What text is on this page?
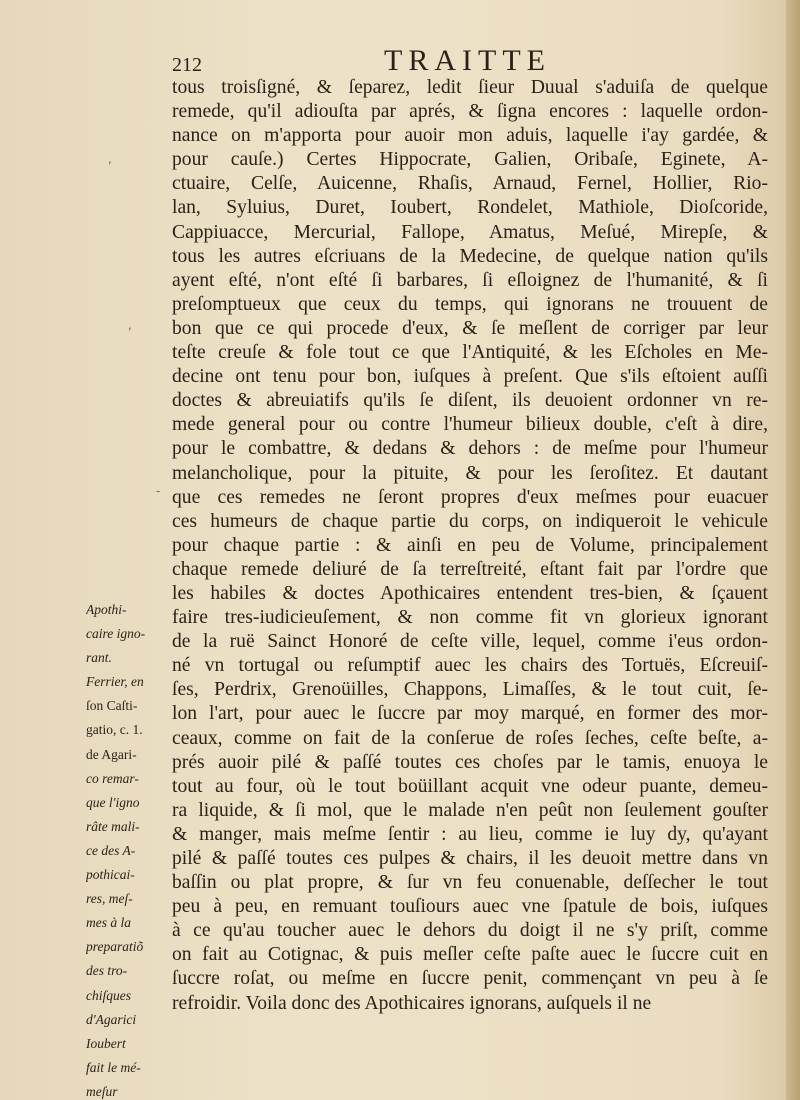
212	TRAITTE
,
,
-
tous troisſigné, & ſeparez, ledit ſieur Duual s'aduiſa de quelque
remede, qu'il adiouſta par aprés, & ſigna encores : laquelle ordon-
nance on m'apporta pour auoir mon aduis, laquelle i'ay gardée, &
pour cauſe.) Certes Hippocrate, Galien, Oribaſe, Eginete, A-
ctuaire, Celſe, Auicenne, Rhaſis, Arnaud, Fernel, Hollier, Rio-
lan, Syluius, Duret, Ioubert, Rondelet, Mathiole, Dioſcoride,
Cappiuacce, Mercurial, Fallope, Amatus, Meſué, Mirepſe, &
tous les autres eſcriuans de la Medecine, de quelque nation qu'ils
ayent eſté, n'ont eſté ſi barbares, ſi eſloignez de l'humanité, & ſi
preſomptueux que ceux du temps, qui ignorans ne trouuent de
bon que ce qui procede d'eux, & ſe meſlent de corriger par leur
teſte creuſe & fole tout ce que l'Antiquité, & les Eſcholes en Me-
decine ont tenu pour bon, iuſques à preſent. Que s'ils eſtoient auſſi
doctes & abreuiatifs qu'ils ſe diſent, ils deuoient ordonner vn re-
mede general pour ou contre l'humeur bilieux double, c'eſt à dire,
pour le combattre, & dedans & dehors : de meſme pour l'humeur
melancholique, pour la pituite, & pour les ſeroſitez. Et dautant
que ces remedes ne ſeront propres d'eux meſmes pour euacuer
ces humeurs de chaque partie du corps, on indiqueroit le vehicule
pour chaque partie : & ainſi en peu de Volume, principalement
chaque remede deliuré de ſa terreſtreité, eſtant fait par l'ordre que
les habiles & doctes Apothicaires entendent tres-bien, & ſçauent
faire tres-iudicieuſement, & non comme fit vn glorieux ignorant
de la ruë Sainct Honoré de ceſte ville, lequel, comme i'eus ordon-
né vn tortugal ou reſumptif auec les chairs des Tortuës, Eſcreuiſ-
ſes, Perdrix, Grenoüilles, Chappons, Limaſſes, & le tout cuit, ſe-
lon l'art, pour auec le ſuccre par moy marqué, en former des mor-
ceaux, comme on fait de la conſerue de roſes ſeches, ceſte beſte, a-
prés auoir pilé & paſſé toutes ces choſes par le tamis, enuoya le
tout au four, où le tout boüillant acquit vne odeur puante, demeu-
ra liquide, & ſi mol, que le malade n'en peût non ſeulement gouſter
& manger, mais meſme ſentir : au lieu, comme ie luy dy, qu'ayant
pilé & paſſé toutes ces pulpes & chairs, il les deuoit mettre dans vn
baſſin ou plat propre, & ſur vn feu conuenable, deſſecher le tout
peu à peu, en remuant touſiours auec vne ſpatule de bois, iuſques
à ce qu'au toucher auec le dehors du doigt il ne s'y priſt, comme
on fait au Cotignac, & puis meſler ceſte paſte auec le ſuccre cuit en
ſuccre roſat, ou meſme en ſuccre penit, commençant vn peu à ſe
refroidir. Voila donc des Apothicaires ignorans, auſquels il ne
Apothi-
caire igno-
rant.
Ferrier, en
ſon Caſti-
gatio, c. 1.
de Agari-
co remar-
que l'igno
râte mali-
ce des A-
pothicai-
res, meſ-
mes à la
preparatiõ
des tro-
chiſques
d'Agarici
Ioubert
fait le mé-
meſur
